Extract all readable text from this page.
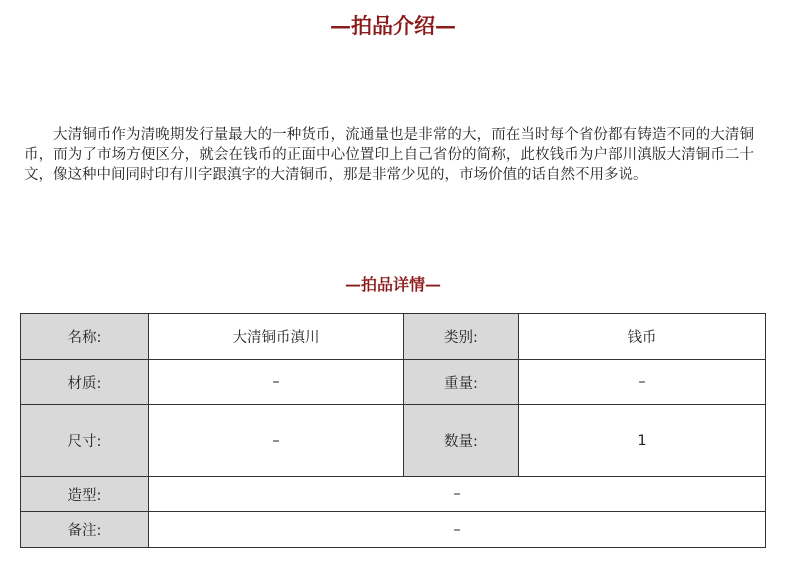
—拍品介绍—

大清铜币作为清晚期发行量最大的一种货币，流通量也是非常的大，而在当时每个省份都有铸造不同的大清铜币，而为了市场方便区分，就会在钱币的正面中心位置印上自己省份的简称，此枚钱币为户部川滇版大清铜币二十文，像这种中间同时印有川字跟滇字的大清铜币，那是非常少见的，市场价值的话自然不用多说。

—拍品详情—
名称:	大清铜币滇川	类别:	钱币
材质:	–	重量:	–
尺寸:	–	数量:	1
造型:	–		
备注:	–		
